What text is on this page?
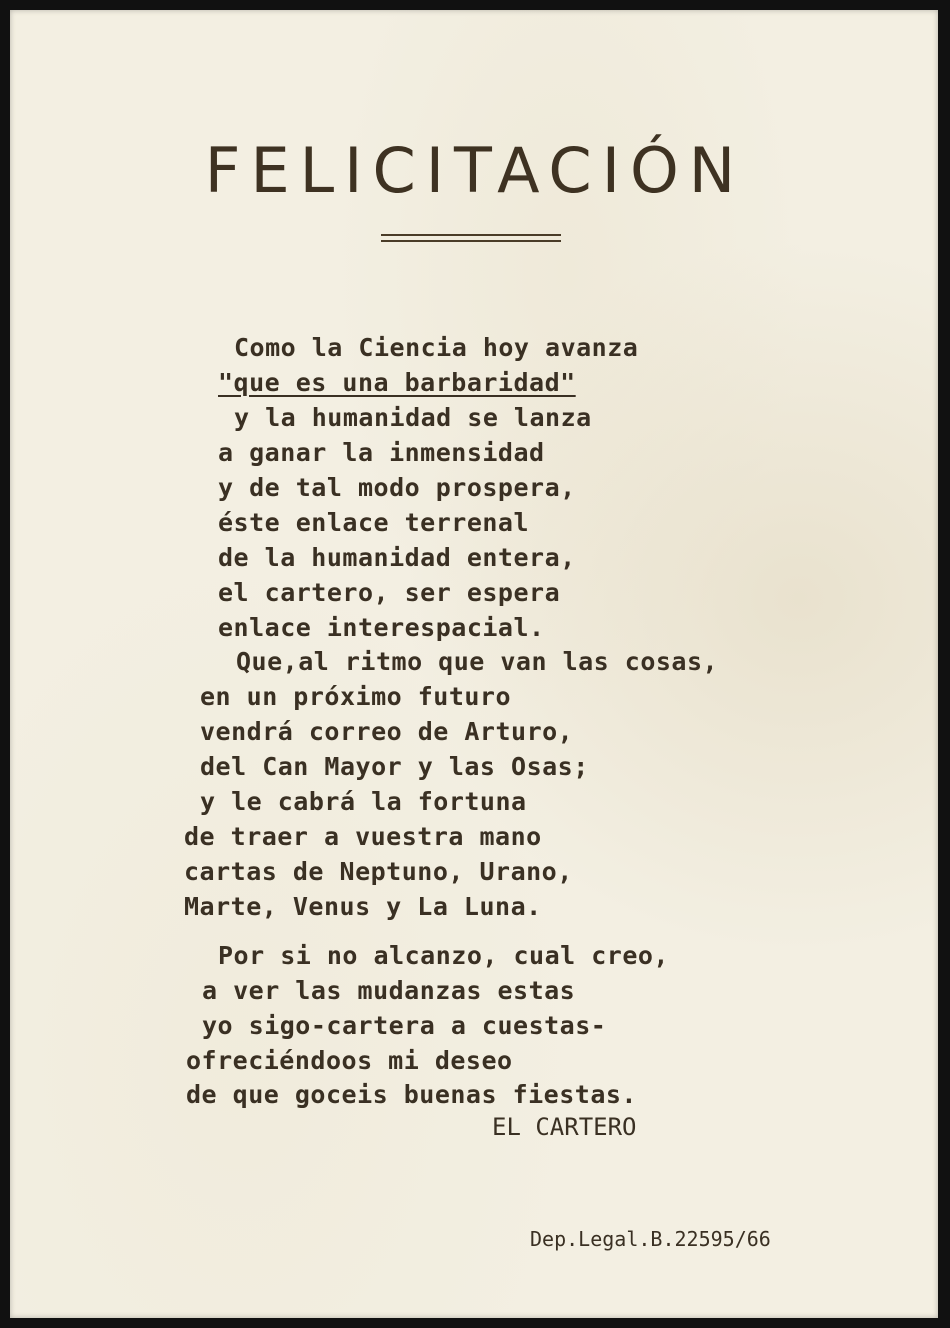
FELICITACIÓN
Como la Ciencia hoy avanza
"que es una barbaridad"
y la humanidad se lanza
a ganar la inmensidad
y de tal modo prospera,
éste enlace terrenal
de la humanidad entera,
el cartero, ser espera
enlace interespacial.
Que,al ritmo que van las cosas,
en un próximo futuro
vendrá correo de Arturo,
del Can Mayor y las Osas;
y le cabrá la fortuna
de traer a vuestra mano
cartas de Neptuno, Urano,
Marte, Venus y La Luna.
Por si no alcanzo, cual creo,
a ver las mudanzas estas
yo sigo-cartera a cuestas-
ofreciéndoos mi deseo
de que goceis buenas fiestas.
EL CARTERO
Dep.Legal.B.22595/66
